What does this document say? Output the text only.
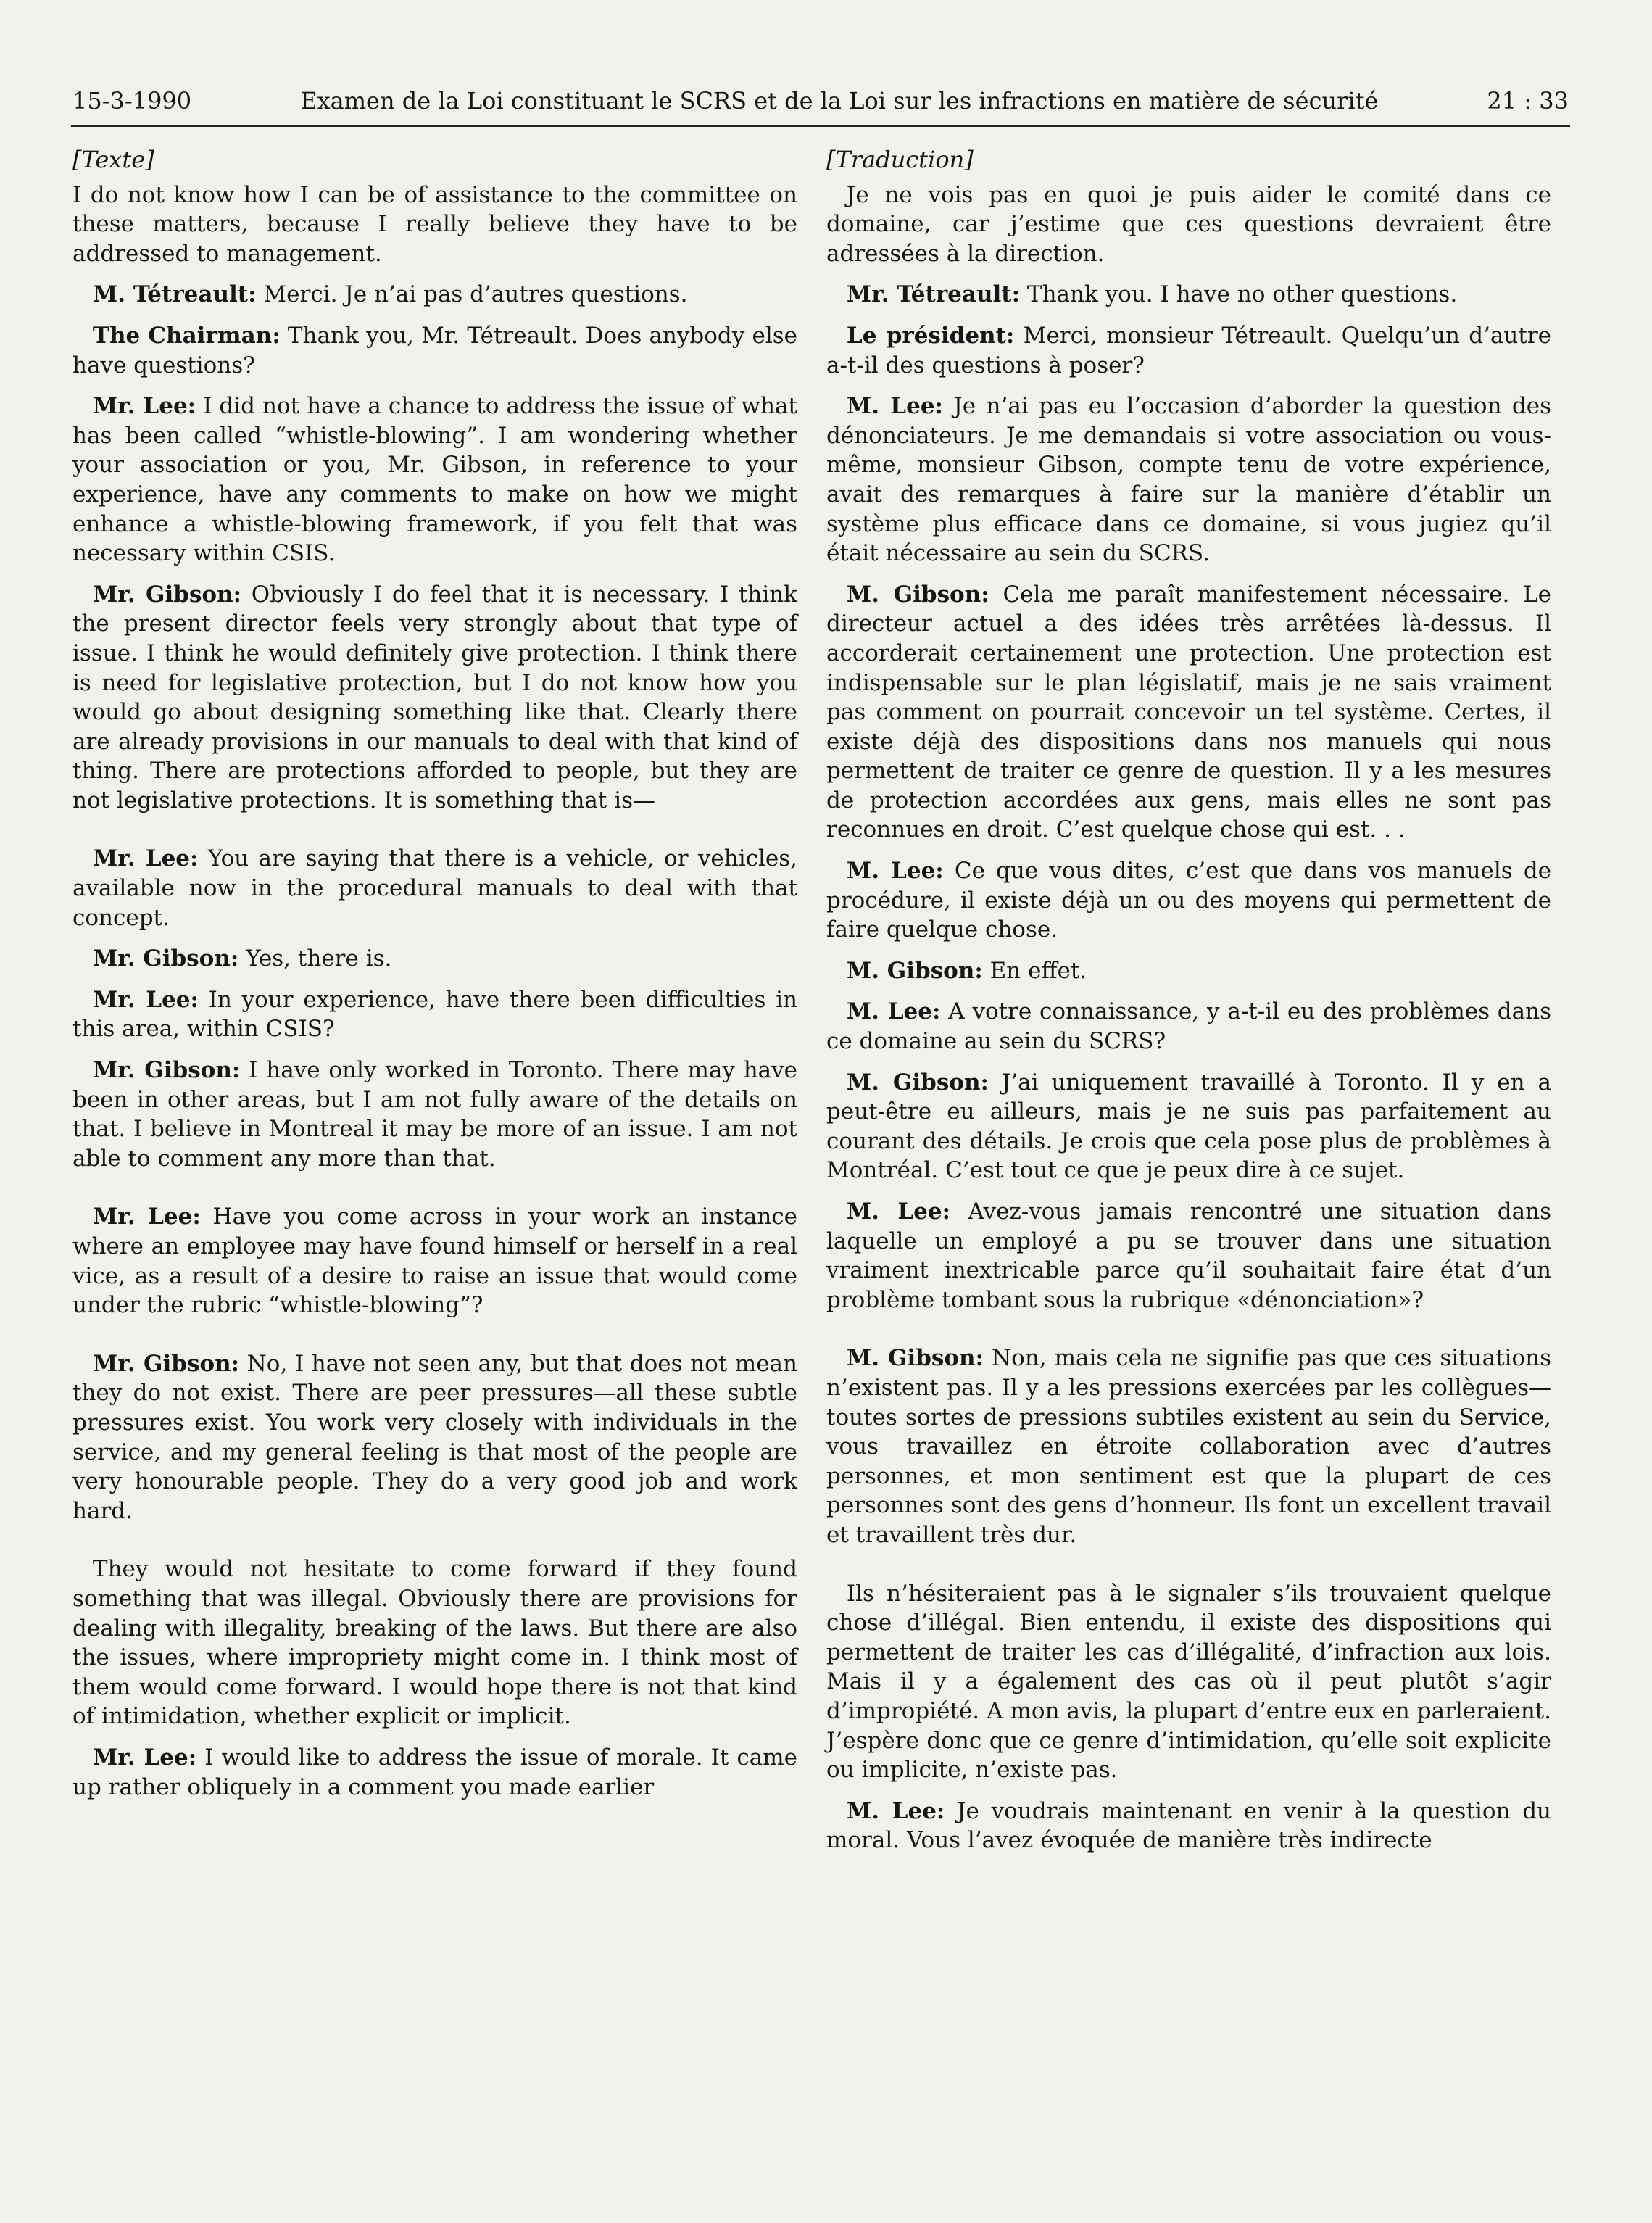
15-3-1990	Examen de la Loi constituant le SCRS et de la Loi sur les infractions en matière de sécurité	21 : 33
[Texte]

I do not know how I can be of assistance to the committee on these matters, because I really believe they have to be addressed to management.

M. Tétreault: Merci. Je n’ai pas d’autres questions.

The Chairman: Thank you, Mr. Tétreault. Does anybody else have questions?

Mr. Lee: I did not have a chance to address the issue of what has been called “whistle-blowing”. I am wondering whether your association or you, Mr. Gibson, in reference to your experience, have any comments to make on how we might enhance a whistle-blowing framework, if you felt that was necessary within CSIS.

Mr. Gibson: Obviously I do feel that it is necessary. I think the present director feels very strongly about that type of issue. I think he would definitely give protection. I think there is need for legislative protection, but I do not know how you would go about designing something like that. Clearly there are already provisions in our manuals to deal with that kind of thing. There are protections afforded to people, but they are not legislative protections. It is something that is—

Mr. Lee: You are saying that there is a vehicle, or vehicles, available now in the procedural manuals to deal with that concept.

Mr. Gibson: Yes, there is.

Mr. Lee: In your experience, have there been difficulties in this area, within CSIS?

Mr. Gibson: I have only worked in Toronto. There may have been in other areas, but I am not fully aware of the details on that. I believe in Montreal it may be more of an issue. I am not able to comment any more than that.

Mr. Lee: Have you come across in your work an instance where an employee may have found himself or herself in a real vice, as a result of a desire to raise an issue that would come under the rubric “whistle-blowing”?

Mr. Gibson: No, I have not seen any, but that does not mean they do not exist. There are peer pressures—all these subtle pressures exist. You work very closely with individuals in the service, and my general feeling is that most of the people are very honourable people. They do a very good job and work hard.

They would not hesitate to come forward if they found something that was illegal. Obviously there are provisions for dealing with illegality, breaking of the laws. But there are also the issues, where impropriety might come in. I think most of them would come forward. I would hope there is not that kind of intimidation, whether explicit or implicit.

Mr. Lee: I would like to address the issue of morale. It came up rather obliquely in a comment you made earlier

[Traduction]

Je ne vois pas en quoi je puis aider le comité dans ce domaine, car j’estime que ces questions devraient être adressées à la direction.

Mr. Tétreault: Thank you. I have no other questions.

Le président: Merci, monsieur Tétreault. Quelqu’un d’autre a-t-il des questions à poser?

M. Lee: Je n’ai pas eu l’occasion d’aborder la question des dénonciateurs. Je me demandais si votre association ou vous-même, monsieur Gibson, compte tenu de votre expérience, avait des remarques à faire sur la manière d’établir un système plus efficace dans ce domaine, si vous jugiez qu’il était nécessaire au sein du SCRS.

M. Gibson: Cela me paraît manifestement nécessaire. Le directeur actuel a des idées très arrêtées là-dessus. Il accorderait certainement une protection. Une protection est indispensable sur le plan législatif, mais je ne sais vraiment pas comment on pourrait concevoir un tel système. Certes, il existe déjà des dispositions dans nos manuels qui nous permettent de traiter ce genre de question. Il y a les mesures de protection accordées aux gens, mais elles ne sont pas reconnues en droit. C’est quelque chose qui est. . .

M. Lee: Ce que vous dites, c’est que dans vos manuels de procédure, il existe déjà un ou des moyens qui permettent de faire quelque chose.

M. Gibson: En effet.

M. Lee: A votre connaissance, y a-t-il eu des problèmes dans ce domaine au sein du SCRS?

M. Gibson: J’ai uniquement travaillé à Toronto. Il y en a peut-être eu ailleurs, mais je ne suis pas parfaitement au courant des détails. Je crois que cela pose plus de problèmes à Montréal. C’est tout ce que je peux dire à ce sujet.

M. Lee: Avez-vous jamais rencontré une situation dans laquelle un employé a pu se trouver dans une situation vraiment inextricable parce qu’il souhaitait faire état d’un problème tombant sous la rubrique «dénonciation»?

M. Gibson: Non, mais cela ne signifie pas que ces situations n’existent pas. Il y a les pressions exercées par les collègues—toutes sortes de pressions subtiles existent au sein du Service, vous travaillez en étroite collaboration avec d’autres personnes, et mon sentiment est que la plupart de ces personnes sont des gens d’honneur. Ils font un excellent travail et travaillent très dur.

Ils n’hésiteraient pas à le signaler s’ils trouvaient quelque chose d’illégal. Bien entendu, il existe des dispositions qui permettent de traiter les cas d’illégalité, d’infraction aux lois. Mais il y a également des cas où il peut plutôt s’agir d’impropiété. A mon avis, la plupart d’entre eux en parleraient. J’espère donc que ce genre d’intimidation, qu’elle soit explicite ou implicite, n’existe pas.

M. Lee: Je voudrais maintenant en venir à la question du moral. Vous l’avez évoquée de manière très indirecte
